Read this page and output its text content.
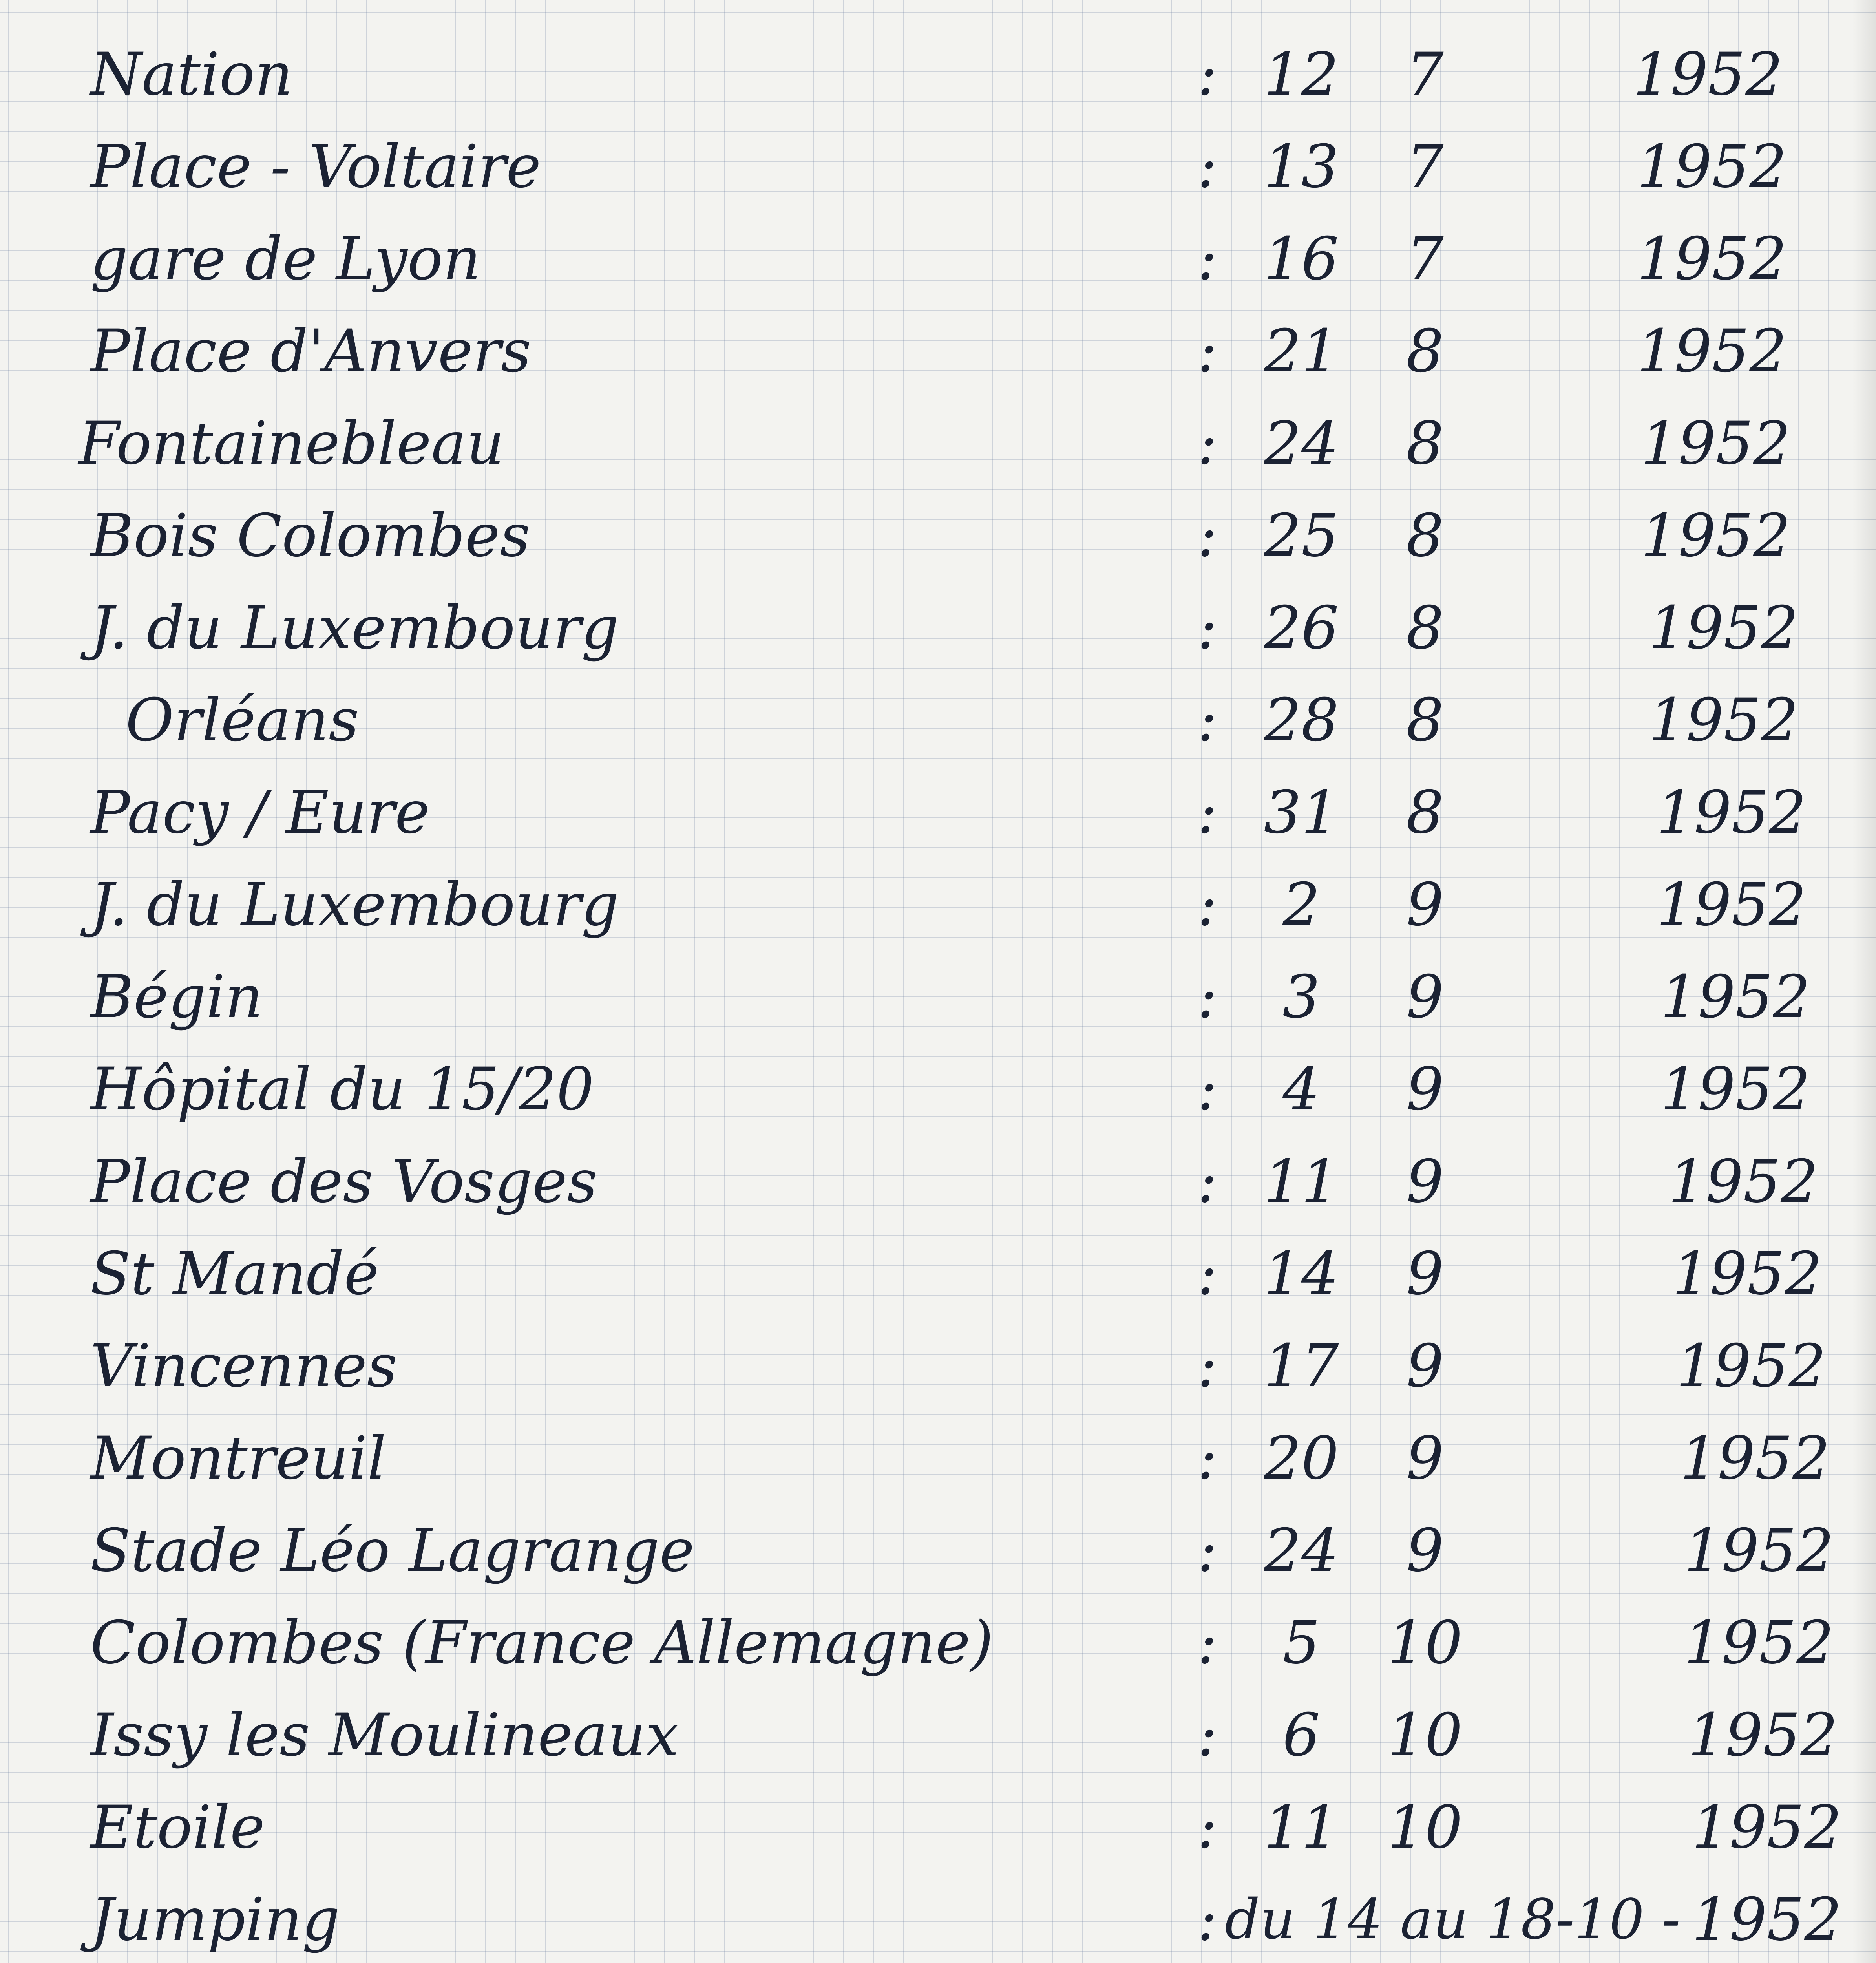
Nation	: 12	7	1952
Place - Voltaire	: 13	7	1952
gare de Lyon	: 16	7	1952
Place d'Anvers	: 21	8	1952
Fontainebleau	: 24	8	1952
Bois Colombes	: 25	8	1952
J. du Luxembourg	: 26	8	1952
Orléans	: 28	8	1952
Pacy / Eure	: 31	8	1952
J. du Luxembourg	:	2	9	1952
Bégin	:	3	9	1952
Hôpital du 15/20	:	4	9	1952
Place des Vosges	: 11	9	1952
St Mandé	: 14	9	1952
Vincennes	: 17	9	1952
Montreuil	: 20	9	1952
Stade Léo Lagrange	: 24	9	1952
Colombes (France Allemagne)	:	5	10	1952
Issy les Moulineaux	:	6	10	1952
Etoile	: 11 10	1952
Jumping	: du 14 au 18-10 - 1952
